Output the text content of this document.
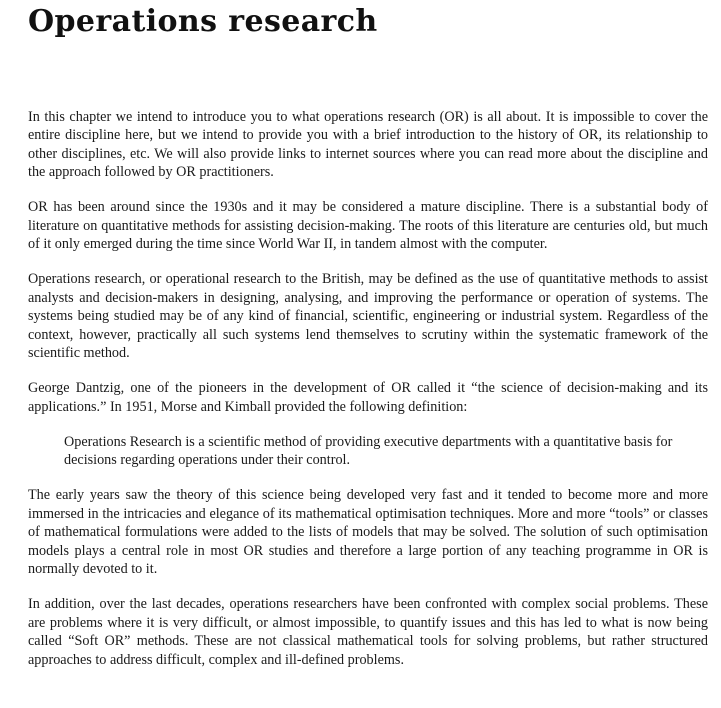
Operations research

In this chapter we intend to introduce you to what operations research (OR) is all about. It is impossible to cover the entire discipline here, but we intend to provide you with a brief introduction to the history of OR, its relationship to other disciplines, etc. We will also provide links to internet sources where you can read more about the discipline and the approach followed by OR practitioners.

OR has been around since the 1930s and it may be considered a mature discipline. There is a substantial body of literature on quantitative methods for assisting decision-making. The roots of this literature are centuries old, but much of it only emerged during the time since World War II, in tandem almost with the computer.

Operations research, or operational research to the British, may be defined as the use of quantitative methods to assist analysts and decision-makers in designing, analysing, and improving the performance or operation of systems. The systems being studied may be of any kind of financial, scientific, engineering or industrial system. Regardless of the context, however, practically all such systems lend themselves to scrutiny within the systematic framework of the scientific method.

George Dantzig, one of the pioneers in the development of OR called it “the science of decision-making and its applications.” In 1951, Morse and Kimball provided the following definition:

Operations Research is a scientific method of providing executive departments with a quantitative basis for decisions regarding operations under their control.

The early years saw the theory of this science being developed very fast and it tended to become more and more immersed in the intricacies and elegance of its mathematical optimisation techniques. More and more “tools” or classes of mathematical formulations were added to the lists of models that may be solved. The solution of such optimisation models plays a central role in most OR studies and therefore a large portion of any teaching programme in OR is normally devoted to it.

In addition, over the last decades, operations researchers have been confronted with complex social problems. These are problems where it is very difficult, or almost impossible, to quantify issues and this has led to what is now being called “Soft OR” methods. These are not classical mathematical tools for solving problems, but rather structured approaches to address difficult, complex and ill-defined problems.
